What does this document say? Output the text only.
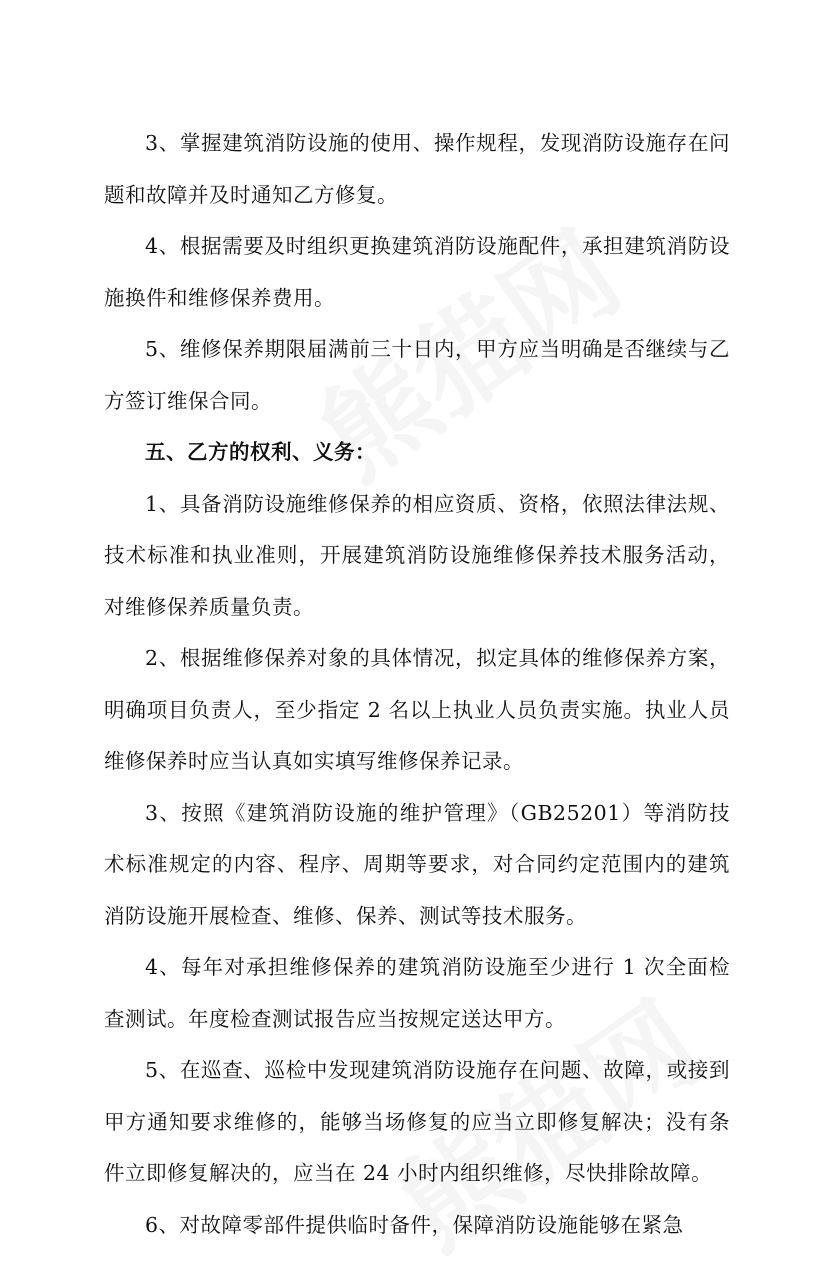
3、掌握建筑消防设施的使用、操作规程，发现消防设施存在问题和故障并及时通知乙方修复。

4、根据需要及时组织更换建筑消防设施配件，承担建筑消防设施换件和维修保养费用。

5、维修保养期限届满前三十日内，甲方应当明确是否继续与乙方签订维保合同。

五、乙方的权利、义务：

1、具备消防设施维修保养的相应资质、资格，依照法律法规、技术标准和执业准则，开展建筑消防设施维修保养技术服务活动，对维修保养质量负责。

2、根据维修保养对象的具体情况，拟定具体的维修保养方案，明确项目负责人，至少指定 2 名以上执业人员负责实施。执业人员维修保养时应当认真如实填写维修保养记录。

3、按照《建筑消防设施的维护管理》（GB25201）等消防技术标准规定的内容、程序、周期等要求，对合同约定范围内的建筑消防设施开展检查、维修、保养、测试等技术服务。

4、每年对承担维修保养的建筑消防设施至少进行 1 次全面检查测试。年度检查测试报告应当按规定送达甲方。

5、在巡查、巡检中发现建筑消防设施存在问题、故障，或接到甲方通知要求维修的，能够当场修复的应当立即修复解决；没有条件立即修复解决的，应当在 24 小时内组织维修，尽快排除故障。

6、对故障零部件提供临时备件，保障消防设施能够在紧急
